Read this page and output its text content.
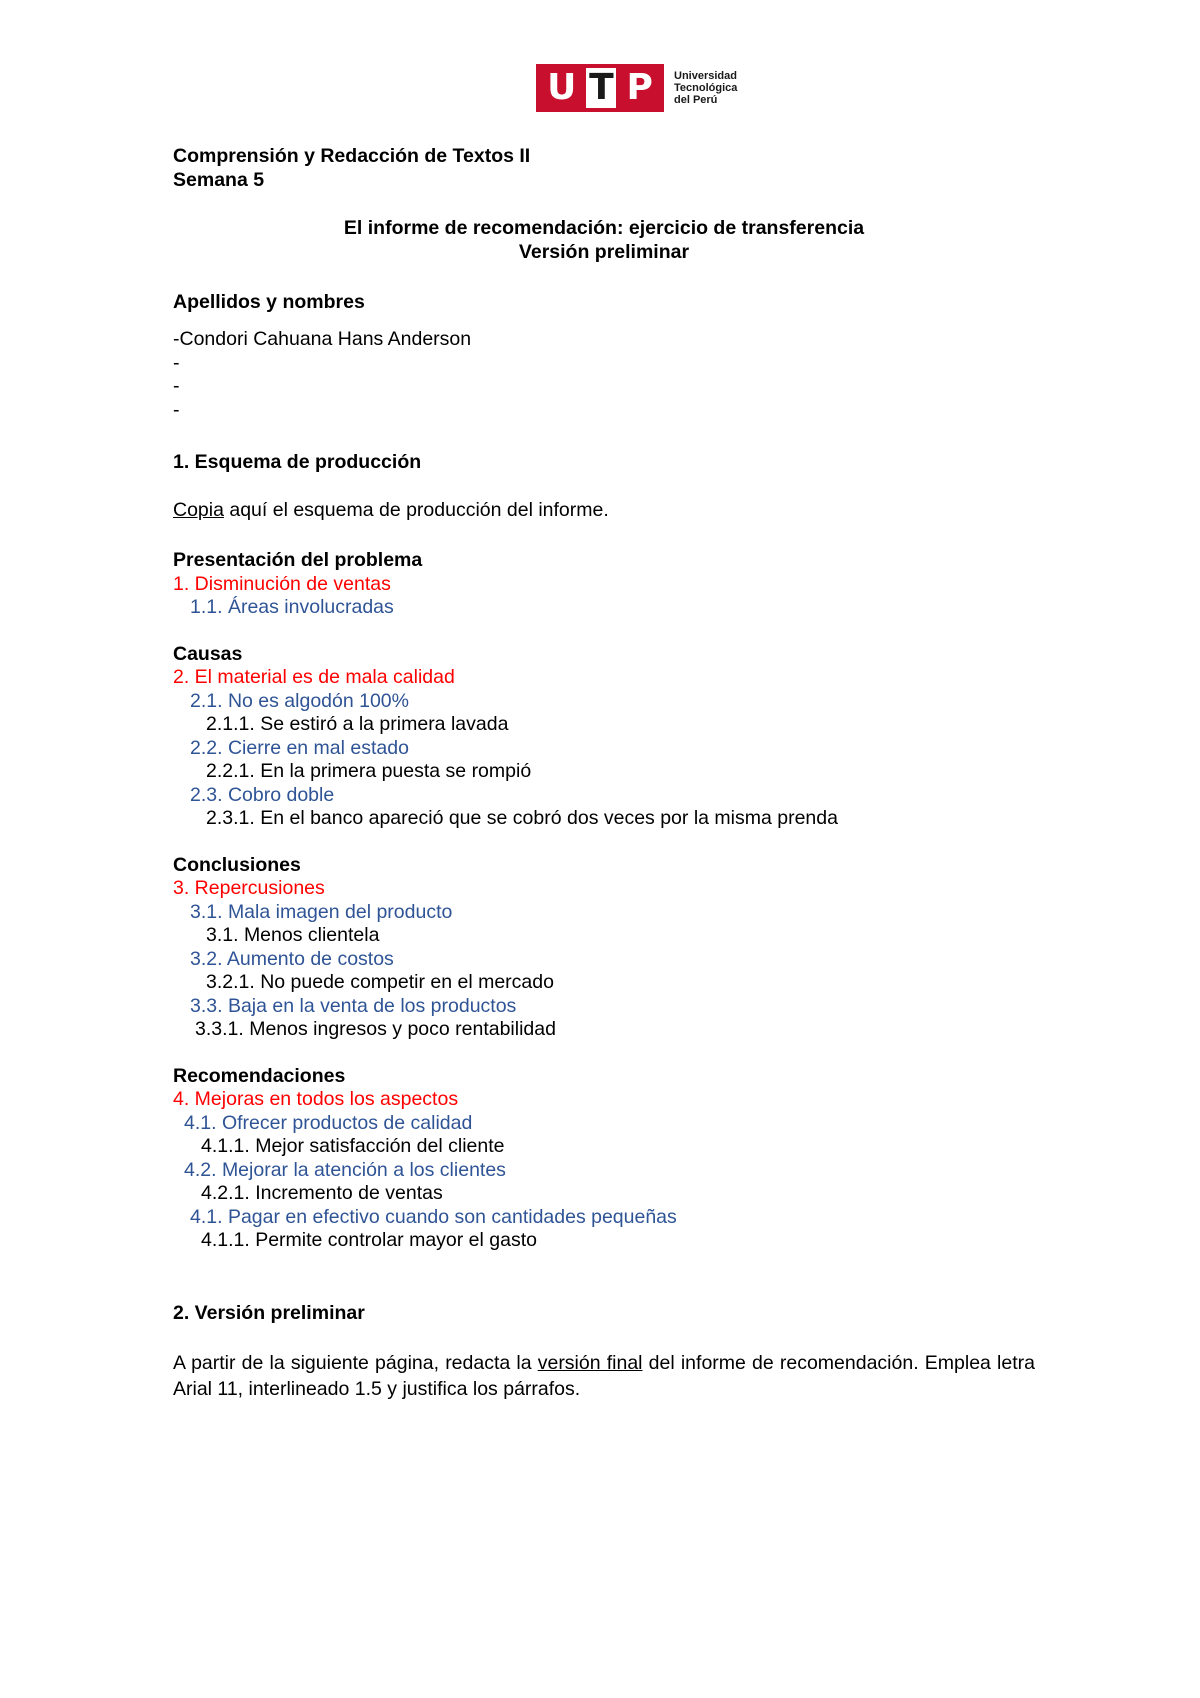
U T P Universidad
Tecnológica
del Perú
Comprensión y Redacción de Textos II
Semana 5
El informe de recomendación: ejercicio de transferencia
Versión preliminar
Apellidos y nombres
-Condori Cahuana Hans Anderson
-
-
-
1. Esquema de producción
Copia aquí el esquema de producción del informe.
Presentación del problema
1. Disminución de ventas
1.1. Áreas involucradas
Causas
2. El material es de mala calidad
2.1. No es algodón 100%
2.1.1. Se estiró a la primera lavada
2.2. Cierre en mal estado
2.2.1. En la primera puesta se rompió
2.3. Cobro doble
2.3.1. En el banco apareció que se cobró dos veces por la misma prenda
Conclusiones
3. Repercusiones
3.1. Mala imagen del producto
3.1. Menos clientela
3.2. Aumento de costos
3.2.1. No puede competir en el mercado
3.3. Baja en la venta de los productos
3.3.1. Menos ingresos y poco rentabilidad
Recomendaciones
4. Mejoras en todos los aspectos
4.1. Ofrecer productos de calidad
4.1.1. Mejor satisfacción del cliente
4.2. Mejorar la atención a los clientes
4.2.1. Incremento de ventas
4.1. Pagar en efectivo cuando son cantidades pequeñas
4.1.1. Permite controlar mayor el gasto
2. Versión preliminar
A partir de la siguiente página, redacta la versión final del informe de recomendación. Emplea letra Arial 11, interlineado 1.5 y justifica los párrafos.
